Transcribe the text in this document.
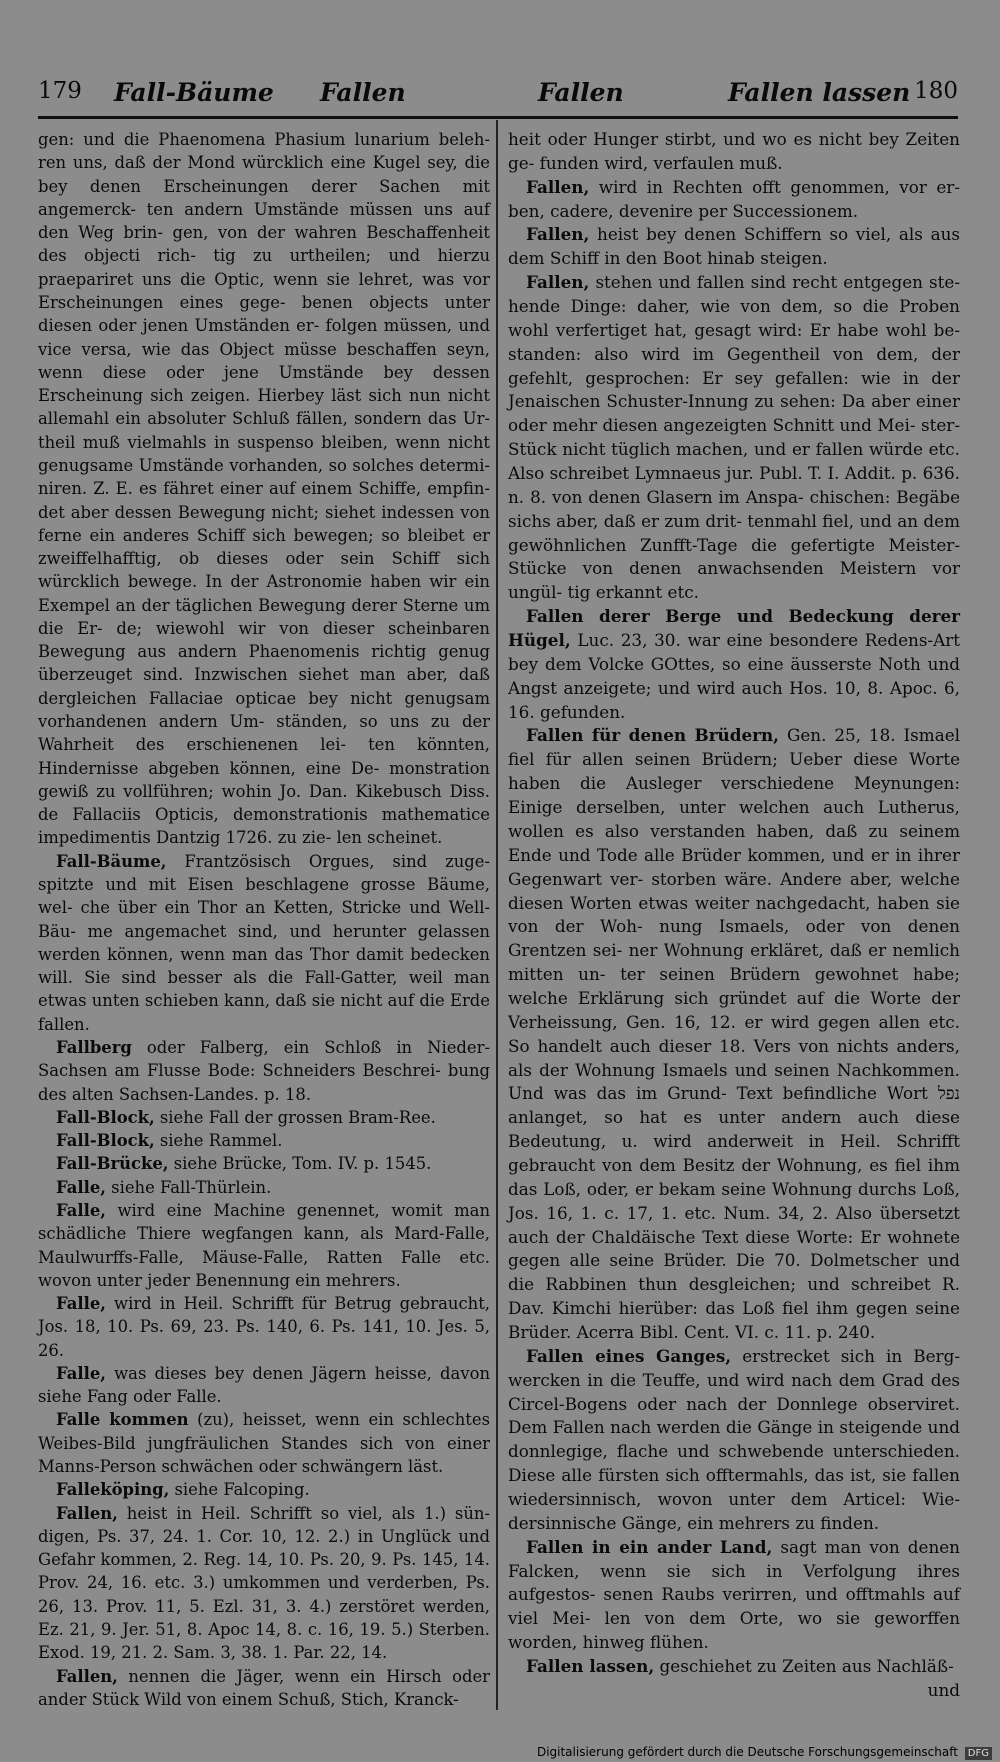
179 Fall-Bäume Fallen	Fallen	Fallen lassen 180

gen: und die Phaenomena Phasium lunarium beleh- ren uns, daß der Mond würcklich eine Kugel sey, die bey denen Erscheinungen derer Sachen mit angemerck- ten andern Umstände müssen uns auf den Weg brin- gen, von der wahren Beschaffenheit des objecti rich- tig zu urtheilen; und hierzu praepariret uns die Optic, wenn sie lehret, was vor Erscheinungen eines gege- benen objects unter diesen oder jenen Umständen er- folgen müssen, und vice versa, wie das Object müsse beschaffen seyn, wenn diese oder jene Umstände bey dessen Erscheinung sich zeigen. Hierbey läst sich nun nicht allemahl ein absoluter Schluß fällen, sondern das Ur- theil muß vielmahls in suspenso bleiben, wenn nicht genugsame Umstände vorhanden, so solches determi- niren. Z. E. es fähret einer auf einem Schiffe, empfin- det aber dessen Bewegung nicht; siehet indessen von ferne ein anderes Schiff sich bewegen; so bleibet er zweiffelhafftig, ob dieses oder sein Schiff sich würcklich bewege. In der Astronomie haben wir ein Exempel an der täglichen Bewegung derer Sterne um die Er- de; wiewohl wir von dieser scheinbaren Bewegung aus andern Phaenomenis richtig genug überzeuget sind. Inzwischen siehet man aber, daß dergleichen Fallaciae opticae bey nicht genugsam vorhandenen andern Um- ständen, so uns zu der Wahrheit des erschienenen lei- ten könnten, Hindernisse abgeben können, eine De- monstration gewiß zu vollführen; wohin Jo. Dan. Kikebusch Diss. de Fallaciis Opticis, demonstrationis mathematice impedimentis Dantzig 1726. zu zie- len scheinet.

Fall-Bäume, Frantzösisch Orgues, sind zuge- spitzte und mit Eisen beschlagene grosse Bäume, wel- che über ein Thor an Ketten, Stricke und Well-Bäu- me angemachet sind, und herunter gelassen werden können, wenn man das Thor damit bedecken will. Sie sind besser als die Fall-Gatter, weil man etwas unten schieben kann, daß sie nicht auf die Erde fallen.

Fallberg oder Falberg, ein Schloß in Nieder- Sachsen am Flusse Bode: Schneiders Beschrei- bung des alten Sachsen-Landes. p. 18.

Fall-Block, siehe Fall der grossen Bram-Ree.

Fall-Block, siehe Rammel.

Fall-Brücke, siehe Brücke, Tom. IV. p. 1545.

Falle, siehe Fall-Thürlein.

Falle, wird eine Machine genennet, womit man schädliche Thiere wegfangen kann, als Mard-Falle, Maulwurffs-Falle, Mäuse-Falle, Ratten Falle etc. wovon unter jeder Benennung ein mehrers.

Falle, wird in Heil. Schrifft für Betrug gebraucht, Jos. 18, 10. Ps. 69, 23. Ps. 140, 6. Ps. 141, 10. Jes. 5, 26.

Falle, was dieses bey denen Jägern heisse, davon siehe Fang oder Falle.

Falle kommen (zu), heisset, wenn ein schlechtes Weibes-Bild jungfräulichen Standes sich von einer Manns-Person schwächen oder schwängern läst.

Falleköping, siehe Falcoping.

Fallen, heist in Heil. Schrifft so viel, als 1.) sün- digen, Ps. 37, 24. 1. Cor. 10, 12. 2.) in Unglück und Gefahr kommen, 2. Reg. 14, 10. Ps. 20, 9. Ps. 145, 14. Prov. 24, 16. etc. 3.) umkommen und verderben, Ps. 26, 13. Prov. 11, 5. Ezl. 31, 3. 4.) zerstöret werden, Ez. 21, 9. Jer. 51, 8. Apoc 14, 8. c. 16, 19. 5.) Sterben. Exod. 19, 21. 2. Sam. 3, 38. 1. Par. 22, 14.

Fallen, nennen die Jäger, wenn ein Hirsch oder ander Stück Wild von einem Schuß, Stich, Kranck-

heit oder Hunger stirbt, und wo es nicht bey Zeiten ge- funden wird, verfaulen muß.

Fallen, wird in Rechten offt genommen, vor er- ben, cadere, devenire per Successionem.

Fallen, heist bey denen Schiffern so viel, als aus dem Schiff in den Boot hinab steigen.

Fallen, stehen und fallen sind recht entgegen ste- hende Dinge: daher, wie von dem, so die Proben wohl verfertiget hat, gesagt wird: Er habe wohl be- standen: also wird im Gegentheil von dem, der gefehlt, gesprochen: Er sey gefallen: wie in der Jenaischen Schuster-Innung zu sehen: Da aber einer oder mehr diesen angezeigten Schnitt und Mei- ster-Stück nicht tüglich machen, und er fallen würde etc. Also schreibet Lymnaeus jur. Publ. T. I. Addit. p. 636. n. 8. von denen Glasern im Anspa- chischen: Begäbe sichs aber, daß er zum drit- tenmahl fiel, und an dem gewöhnlichen Zunfft-Tage die gefertigte Meister-Stücke von denen anwachsenden Meistern vor ungül- tig erkannt etc.

Fallen derer Berge und Bedeckung derer Hügel, Luc. 23, 30. war eine besondere Redens-Art bey dem Volcke GOttes, so eine äusserste Noth und Angst anzeigete; und wird auch Hos. 10, 8. Apoc. 6, 16. gefunden.

Fallen für denen Brüdern, Gen. 25, 18. Ismael fiel für allen seinen Brüdern; Ueber diese Worte haben die Ausleger verschiedene Meynungen: Einige derselben, unter welchen auch Lutherus, wollen es also verstanden haben, daß zu seinem Ende und Tode alle Brüder kommen, und er in ihrer Gegenwart ver- storben wäre. Andere aber, welche diesen Worten etwas weiter nachgedacht, haben sie von der Woh- nung Ismaels, oder von denen Grentzen sei- ner Wohnung erkläret, daß er nemlich mitten un- ter seinen Brüdern gewohnet habe; welche Erklärung sich gründet auf die Worte der Verheissung, Gen. 16, 12. er wird gegen allen etc. So handelt auch dieser 18. Vers von nichts anders, als der Wohnung Ismaels und seinen Nachkommen. Und was das im Grund- Text befindliche Wort נפל anlanget, so hat es unter andern auch diese Bedeutung, u. wird anderweit in Heil. Schrifft gebraucht von dem Besitz der Wohnung, es fiel ihm das Loß, oder, er bekam seine Wohnung durchs Loß, Jos. 16, 1. c. 17, 1. etc. Num. 34, 2. Also übersetzt auch der Chaldäische Text diese Worte: Er wohnete gegen alle seine Brüder. Die 70. Dolmetscher und die Rabbinen thun desgleichen; und schreibet R. Dav. Kimchi hierüber: das Loß fiel ihm gegen seine Brüder. Acerra Bibl. Cent. VI. c. 11. p. 240.

Fallen eines Ganges, erstrecket sich in Berg- wercken in die Teuffe, und wird nach dem Grad des Circel-Bogens oder nach der Donnlege observiret. Dem Fallen nach werden die Gänge in steigende und donnlegige, flache und schwebende unterschieden. Diese alle fürsten sich offtermahls, das ist, sie fallen wiedersinnisch, wovon unter dem Articel: Wie- dersinnische Gänge, ein mehrers zu finden.

Fallen in ein ander Land, sagt man von denen Falcken, wenn sie sich in Verfolgung ihres aufgestos- senen Raubs verirren, und offtmahls auf viel Mei- len von dem Orte, wo sie geworffen worden, hinweg flühen.

Fallen lassen, geschiehet zu Zeiten aus Nachläß-

und

Digitalisierung gefördert durch die Deutsche Forschungsgemeinschaft DFG
